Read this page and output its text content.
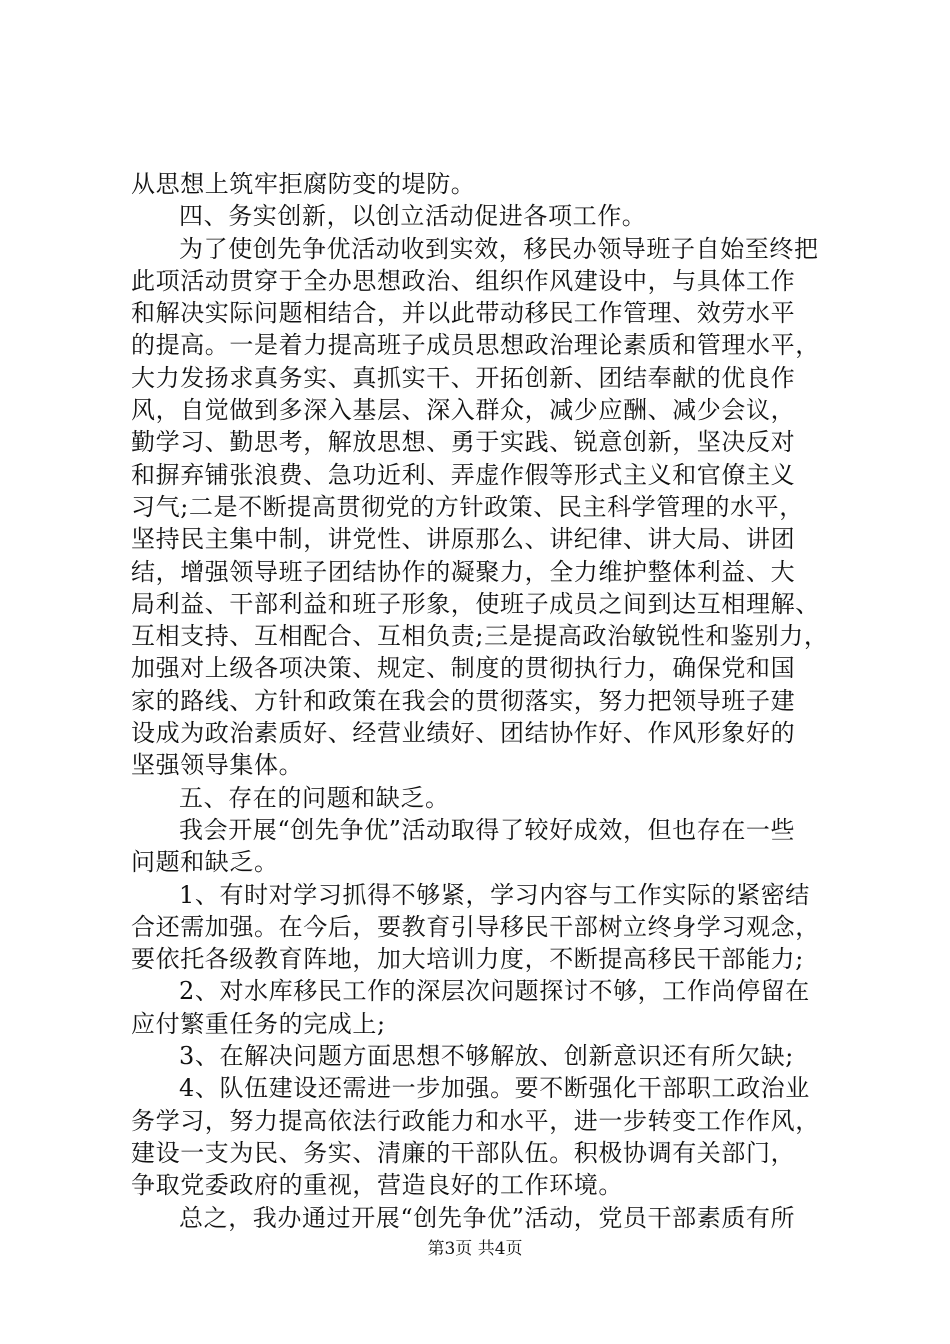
从思想上筑牢拒腐防变的堤防。
四、务实创新，以创立活动促进各项工作。
为了使创先争优活动收到实效，移民办领导班子自始至终把
此项活动贯穿于全办思想政治、组织作风建设中，与具体工作
和解决实际问题相结合，并以此带动移民工作管理、效劳水平
的提高。一是着力提高班子成员思想政治理论素质和管理水平，
大力发扬求真务实、真抓实干、开拓创新、团结奉献的优良作
风，自觉做到多深入基层、深入群众，减少应酬、减少会议，
勤学习、勤思考，解放思想、勇于实践、锐意创新，坚决反对
和摒弃铺张浪费、急功近利、弄虚作假等形式主义和官僚主义
习气;二是不断提高贯彻党的方针政策、民主科学管理的水平，
坚持民主集中制，讲党性、讲原那么、讲纪律、讲大局、讲团
结，增强领导班子团结协作的凝聚力，全力维护整体利益、大
局利益、干部利益和班子形象，使班子成员之间到达互相理解、
互相支持、互相配合、互相负责;三是提高政治敏锐性和鉴别力，
加强对上级各项决策、规定、制度的贯彻执行力，确保党和国
家的路线、方针和政策在我会的贯彻落实，努力把领导班子建
设成为政治素质好、经营业绩好、团结协作好、作风形象好的
坚强领导集体。
五、存在的问题和缺乏。
我会开展“创先争优”活动取得了较好成效，但也存在一些
问题和缺乏。
1、有时对学习抓得不够紧，学习内容与工作实际的紧密结
合还需加强。在今后，要教育引导移民干部树立终身学习观念，
要依托各级教育阵地，加大培训力度，不断提高移民干部能力;
2、对水库移民工作的深层次问题探讨不够，工作尚停留在
应付繁重任务的完成上;
3、在解决问题方面思想不够解放、创新意识还有所欠缺;
4、队伍建设还需进一步加强。要不断强化干部职工政治业
务学习，努力提高依法行政能力和水平，进一步转变工作作风，
建设一支为民、务实、清廉的干部队伍。积极协调有关部门，
争取党委政府的重视，营造良好的工作环境。
总之，我办通过开展“创先争优”活动，党员干部素质有所
第3页 共4页
